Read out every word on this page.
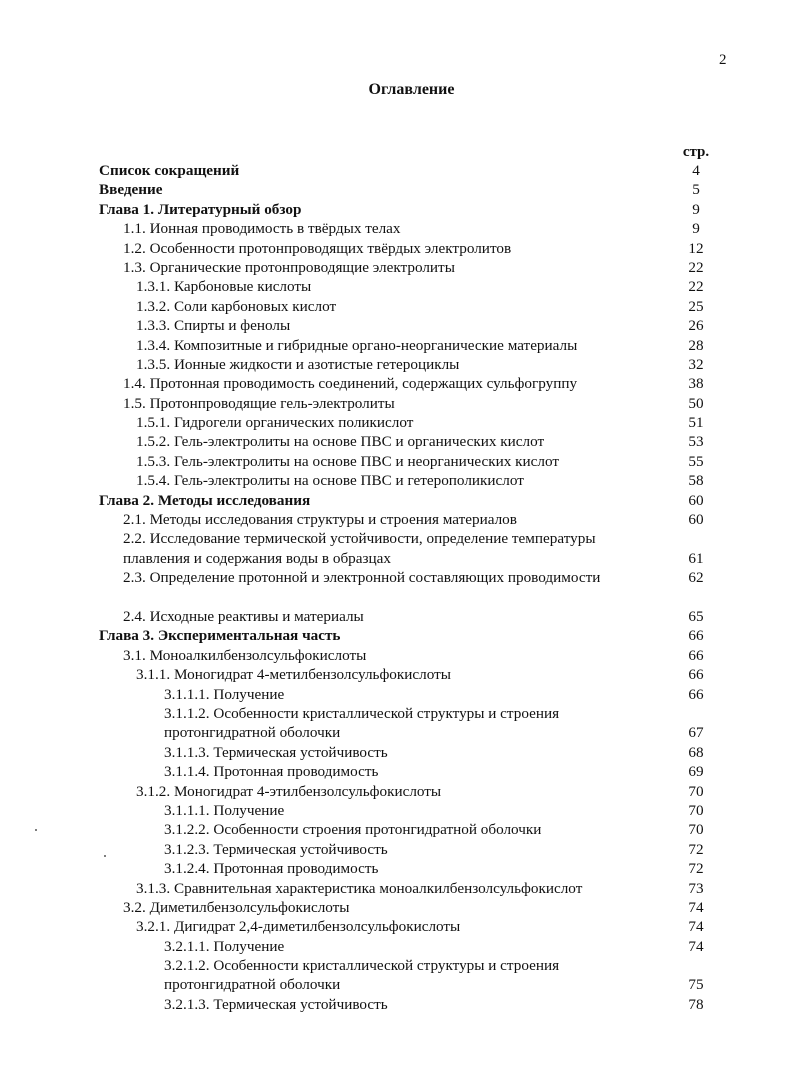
2
Оглавление
стр.
Список сокращений	4
Введение	5
Глава 1. Литературный обзор	9
1.1. Ионная проводимость в твёрдых телах	9
1.2. Особенности протонпроводящих твёрдых электролитов	12
1.3. Органические протонпроводящие электролиты	22
1.3.1. Карбоновые кислоты	22
1.3.2. Соли карбоновых кислот	25
1.3.3. Спирты и фенолы	26
1.3.4. Композитные и гибридные органо-неорганические материалы	28
1.3.5. Ионные жидкости и азотистые гетероциклы	32
1.4. Протонная проводимость соединений, содержащих сульфогруппу	38
1.5. Протонпроводящие гель-электролиты	50
1.5.1. Гидрогели органических поликислот	51
1.5.2. Гель-электролиты на основе ПВС и органических кислот	53
1.5.3. Гель-электролиты на основе ПВС и неорганических кислот	55
1.5.4. Гель-электролиты на основе ПВС и гетерополикислот	58
Глава 2. Методы исследования	60
2.1. Методы исследования структуры и строения материалов	60
2.2. Исследование термической устойчивости, определение температуры плавления и содержания воды в образцах	61
2.3. Определение протонной и электронной составляющих проводимости	62
2.4. Исходные реактивы и материалы	65
Глава 3. Экспериментальная часть	66
3.1. Моноалкилбензолсульфокислоты	66
3.1.1. Моногидрат 4-метилбензолсульфокислоты	66
3.1.1.1. Получение	66
3.1.1.2. Особенности кристаллической структуры и строения протонгидратной оболочки	67
3.1.1.3. Термическая устойчивость	68
3.1.1.4. Протонная проводимость	69
3.1.2. Моногидрат 4-этилбензолсульфокислоты	70
3.1.1.1. Получение	70
3.1.2.2. Особенности строения протонгидратной оболочки	70
3.1.2.3. Термическая устойчивость	72
3.1.2.4. Протонная проводимость	72
3.1.3. Сравнительная характеристика моноалкилбензолсульфокислот	73
3.2. Диметилбензолсульфокислоты	74
3.2.1. Дигидрат 2,4-диметилбензолсульфокислоты	74
3.2.1.1. Получение	74
3.2.1.2. Особенности кристаллической структуры и строения протонгидратной оболочки	75
3.2.1.3. Термическая устойчивость	78
